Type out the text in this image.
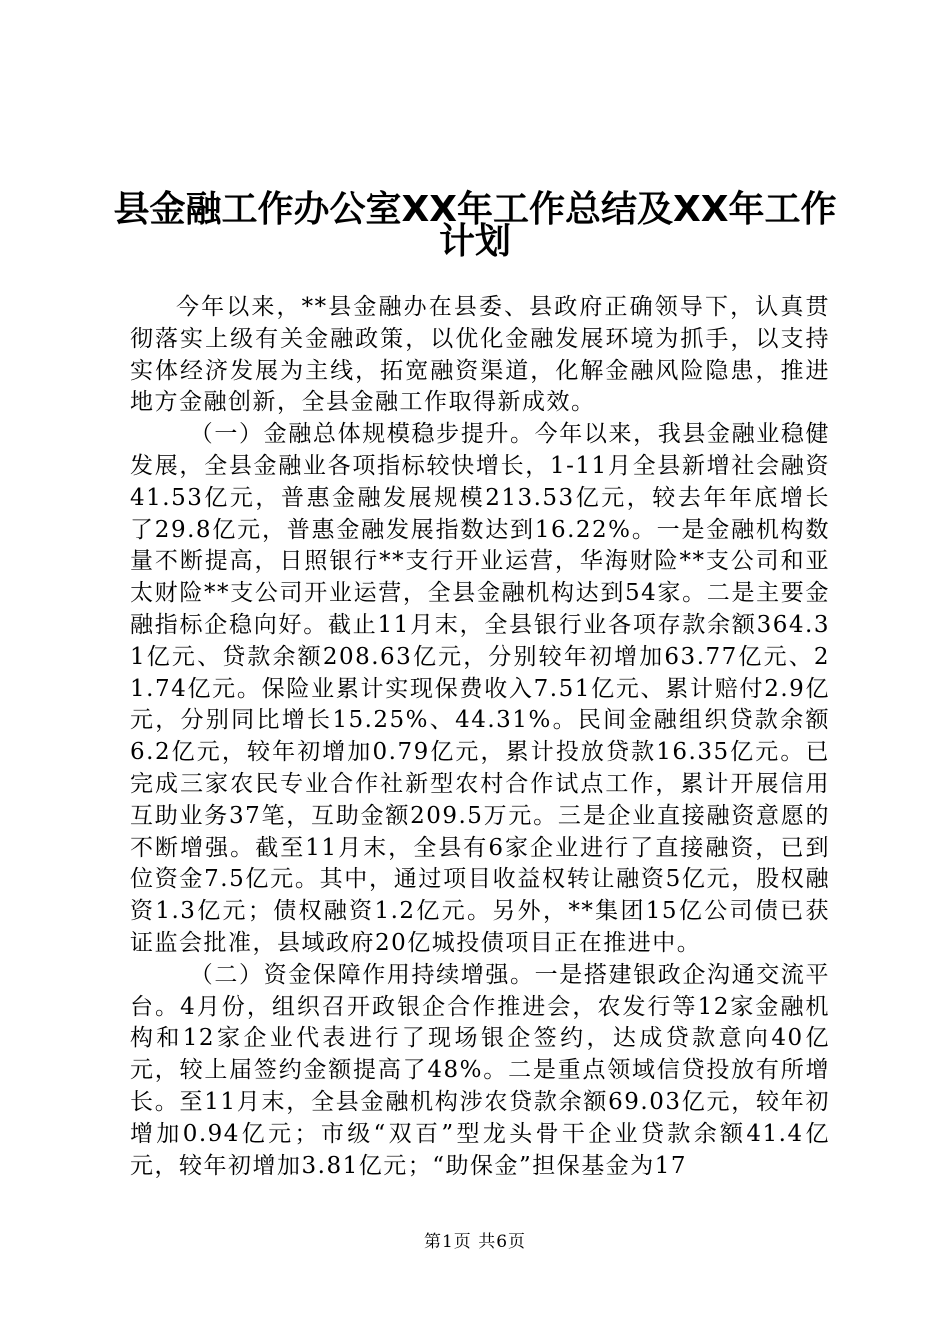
县金融工作办公室XX年工作总结及XX年工作
计划

今年以来，**县金融办在县委、县政府正确领导下，认真贯彻落实上级有关金融政策，以优化金融发展环境为抓手，以支持实体经济发展为主线，拓宽融资渠道，化解金融风险隐患，推进地方金融创新，全县金融工作取得新成效。

（一）金融总体规模稳步提升。今年以来，我县金融业稳健发展，全县金融业各项指标较快增长，1-11月全县新增社会融资41.53亿元，普惠金融发展规模213.53亿元，较去年年底增长了29.8亿元，普惠金融发展指数达到16.22%。一是金融机构数量不断提高，日照银行**支行开业运营，华海财险**支公司和亚太财险**支公司开业运营，全县金融机构达到54家。二是主要金融指标企稳向好。截止11月末，全县银行业各项存款余额364.31亿元、贷款余额208.63亿元，分别较年初增加63.77亿元、21.74亿元。保险业累计实现保费收入7.51亿元、累计赔付2.9亿元，分别同比增长15.25%、44.31%。民间金融组织贷款余额6.2亿元，较年初增加0.79亿元，累计投放贷款16.35亿元。已完成三家农民专业合作社新型农村合作试点工作，累计开展信用互助业务37笔，互助金额209.5万元。三是企业直接融资意愿的不断增强。截至11月末，全县有6家企业进行了直接融资，已到位资金7.5亿元。其中，通过项目收益权转让融资5亿元，股权融资1.3亿元；债权融资1.2亿元。另外，**集团15亿公司债已获证监会批准，县域政府20亿城投债项目正在推进中。

（二）资金保障作用持续增强。一是搭建银政企沟通交流平台。4月份，组织召开政银企合作推进会，农发行等12家金融机构和12家企业代表进行了现场银企签约，达成贷款意向40亿元，较上届签约金额提高了48%。二是重点领域信贷投放有所增长。至11月末，全县金融机构涉农贷款余额69.03亿元，较年初增加0.94亿元；市级“双百”型龙头骨干企业贷款余额41.4亿元，较年初增加3.81亿元；“助保金”担保基金为17

第1页 共6页
